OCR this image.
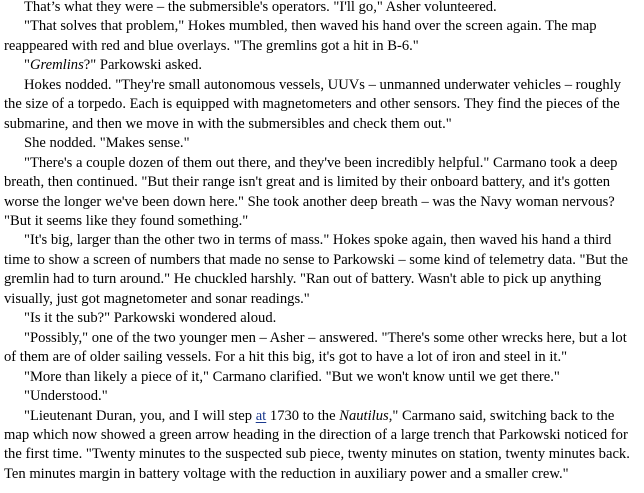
That’s what they were – the submersible's operators. "I'll go," Asher volunteered.

"That solves that problem," Hokes mumbled, then waved his hand over the screen again. The map reappeared with red and blue overlays. "The gremlins got a hit in B-6."

"Gremlins?" Parkowski asked.

Hokes nodded. "They're small autonomous vessels, UUVs – unmanned underwater vehicles – roughly the size of a torpedo. Each is equipped with magnetometers and other sensors. They find the pieces of the submarine, and then we move in with the submersibles and check them out."

She nodded. "Makes sense."

"There's a couple dozen of them out there, and they've been incredibly helpful." Carmano took a deep breath, then continued. "But their range isn't great and is limited by their onboard battery, and it's gotten worse the longer we've been down here." She took another deep breath – was the Navy woman nervous? "But it seems like they found something."

"It's big, larger than the other two in terms of mass." Hokes spoke again, then waved his hand a third time to show a screen of numbers that made no sense to Parkowski – some kind of telemetry data. "But the gremlin had to turn around." He chuckled harshly. "Ran out of battery. Wasn't able to pick up anything visually, just got magnetometer and sonar readings."

"Is it the sub?" Parkowski wondered aloud.

"Possibly," one of the two younger men – Asher – answered. "There's some other wrecks here, but a lot of them are of older sailing vessels. For a hit this big, it's got to have a lot of iron and steel in it."

"More than likely a piece of it," Carmano clarified. "But we won't know until we get there."

"Understood."

"Lieutenant Duran, you, and I will step at 1730 to the Nautilus," Carmano said, switching back to the map which now showed a green arrow heading in the direction of a large trench that Parkowski noticed for the first time. "Twenty minutes to the suspected sub piece, twenty minutes on station, twenty minutes back. Ten minutes margin in battery voltage with the reduction in auxiliary power and a smaller crew."
